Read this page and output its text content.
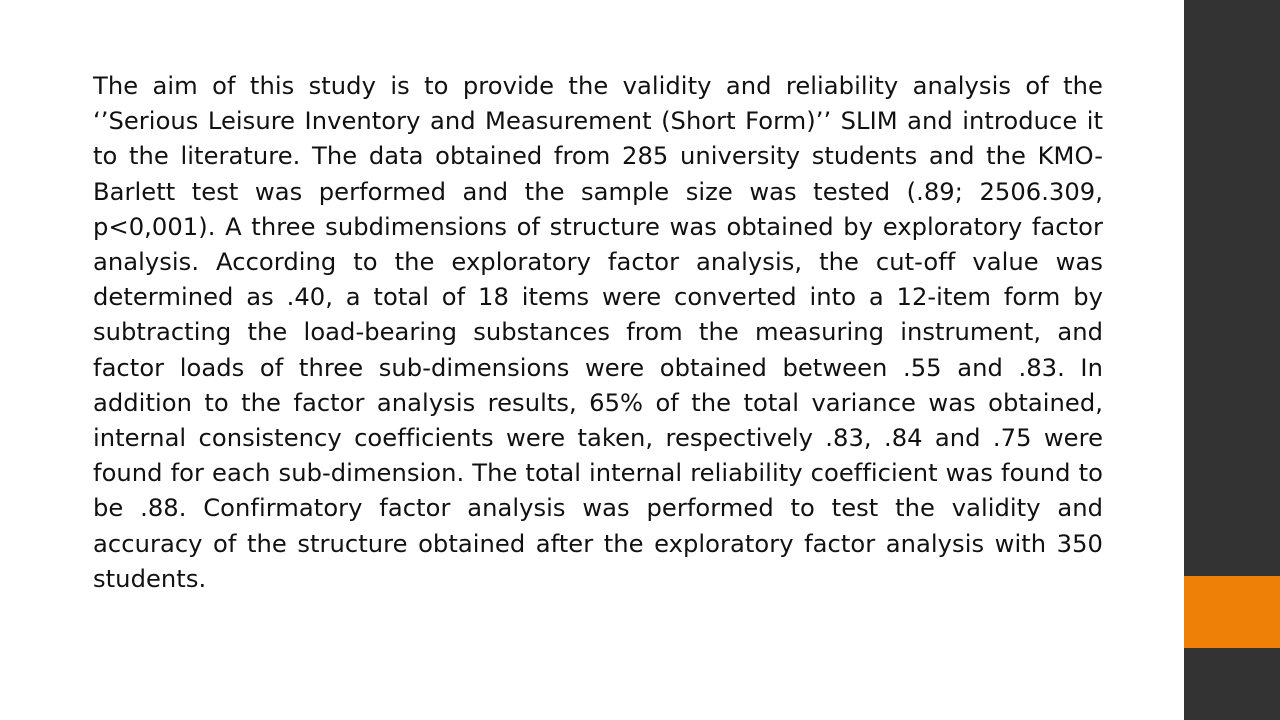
The aim of this study is to provide the validity and reliability analysis of the ‘’Serious Leisure Inventory and Measurement (Short Form)’’ SLIM and introduce it to the literature. The data obtained from 285 university students and the KMO-Barlett test was performed and the sample size was tested (.89; 2506.309, p<0,001). A three subdimensions of structure was obtained by exploratory factor analysis. According to the exploratory factor analysis, the cut-off value was determined as .40, a total of 18 items were converted into a 12-item form by subtracting the load-bearing substances from the measuring instrument, and factor loads of three sub-dimensions were obtained between .55 and .83. In addition to the factor analysis results, 65% of the total variance was obtained, internal consistency coefficients were taken, respectively .83, .84 and .75 were found for each sub-dimension. The total internal reliability coefficient was found to be .88. Confirmatory factor analysis was performed to test the validity and accuracy of the structure obtained after the exploratory factor analysis with 350 students.
